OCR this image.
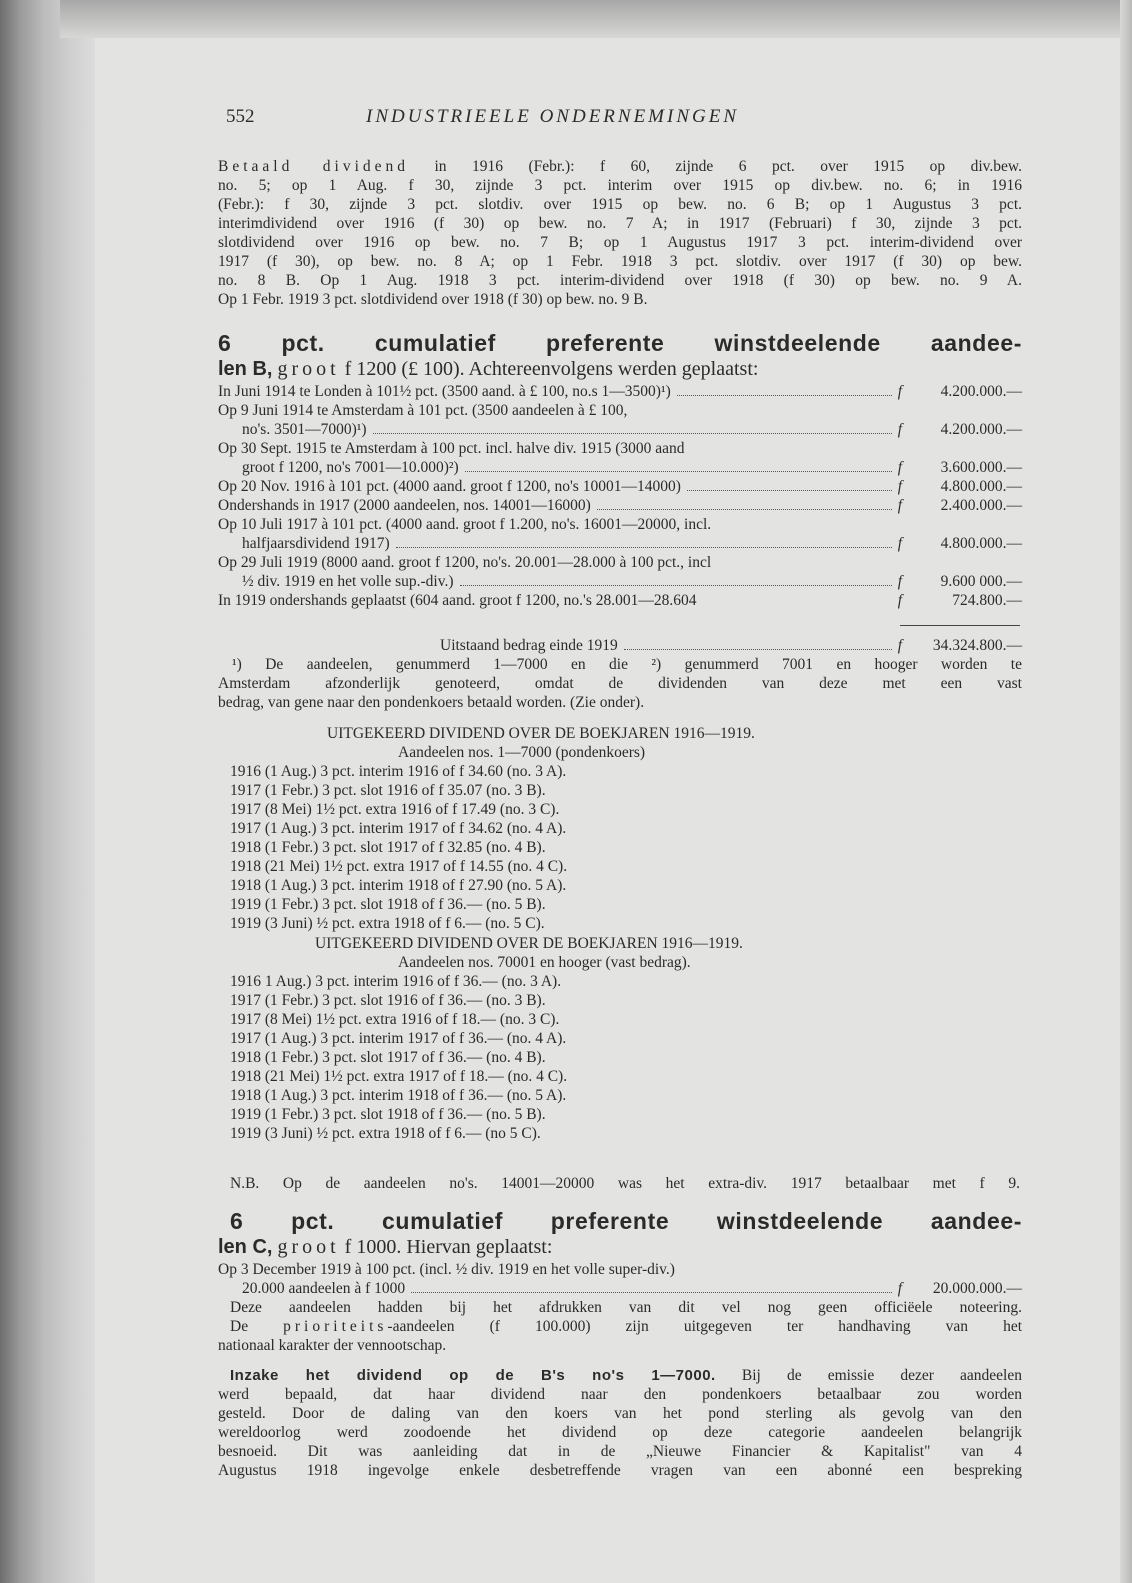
552	INDUSTRIEELE ONDERNEMINGEN
Betaald dividend in 1916 (Febr.): f 60, zijnde 6 pct. over 1915 op div.bew.
no. 5; op 1 Aug. f 30, zijnde 3 pct. interim over 1915 op div.bew. no. 6; in 1916
(Febr.): f 30, zijnde 3 pct. slotdiv. over 1915 op bew. no. 6 B; op 1 Augustus 3 pct.
interimdividend over 1916 (f 30) op bew. no. 7 A; in 1917 (Februari) f 30, zijnde 3 pct.
slotdividend over 1916 op bew. no. 7 B; op 1 Augustus 1917 3 pct. interim-dividend over
1917 (f 30), op bew. no. 8 A; op 1 Febr. 1918 3 pct. slotdiv. over 1917 (f 30) op bew.
no. 8 B. Op 1 Aug. 1918 3 pct. interim-dividend over 1918 (f 30) op bew. no. 9 A.
Op 1 Febr. 1919 3 pct. slotdividend over 1918 (f 30) op bew. no. 9 B.
6 pct. cumulatief preferente winstdeelende aandee-
len B, groot f 1200 (£ 100). Achtereenvolgens werden geplaatst:
In Juni 1914 te Londen à 101½ pct. (3500 aand. à £ 100, no.s 1—3500)¹)	f	4.200.000.—
Op 9 Juni 1914 te Amsterdam à 101 pct. (3500 aandeelen à £ 100,
no's. 3501—7000)¹)	f	4.200.000.—
Op 30 Sept. 1915 te Amsterdam à 100 pct. incl. halve div. 1915 (3000 aand
groot f 1200, no's 7001—10.000)²)	f	3.600.000.—
Op 20 Nov. 1916 à 101 pct. (4000 aand. groot f 1200, no's 10001—14000)	f	4.800.000.—
Ondershands in 1917 (2000 aandeelen, nos. 14001—16000)	f	2.400.000.—
Op 10 Juli 1917 à 101 pct. (4000 aand. groot f 1.200, no's. 16001—20000, incl.
halfjaarsdividend 1917)	f	4.800.000.—
Op 29 Juli 1919 (8000 aand. groot f 1200, no's. 20.001—28.000 à 100 pct., incl
½ div. 1919 en het volle sup.-div.)	f	9.600 000.—
In 1919 ondershands geplaatst (604 aand. groot f 1200, no.'s 28.001—28.604	f	724.800.—
Uitstaand bedrag einde 1919	f	34.324.800.—
¹) De aandeelen, genummerd 1—7000 en die ²) genummerd 7001 en hooger worden te
Amsterdam afzonderlijk genoteerd, omdat de dividenden van deze met een vast
bedrag, van gene naar den pondenkoers betaald worden. (Zie onder).
UITGEKEERD DIVIDEND OVER DE BOEKJAREN 1916—1919.
Aandeelen nos. 1—7000 (pondenkoers)
1916 (1 Aug.) 3 pct. interim 1916 of f 34.60 (no. 3 A).
1917 (1 Febr.) 3 pct. slot 1916 of f 35.07 (no. 3 B).
1917 (8 Mei) 1½ pct. extra 1916 of f 17.49 (no. 3 C).
1917 (1 Aug.) 3 pct. interim 1917 of f 34.62 (no. 4 A).
1918 (1 Febr.) 3 pct. slot 1917 of f 32.85 (no. 4 B).
1918 (21 Mei) 1½ pct. extra 1917 of f 14.55 (no. 4 C).
1918 (1 Aug.) 3 pct. interim 1918 of f 27.90 (no. 5 A).
1919 (1 Febr.) 3 pct. slot 1918 of f 36.— (no. 5 B).
1919 (3 Juni) ½ pct. extra 1918 of f 6.— (no. 5 C).
UITGEKEERD DIVIDEND OVER DE BOEKJAREN 1916—1919.
Aandeelen nos. 70001 en hooger (vast bedrag).
1916 1 Aug.) 3 pct. interim 1916 of f 36.— (no. 3 A).
1917 (1 Febr.) 3 pct. slot 1916 of f 36.— (no. 3 B).
1917 (8 Mei) 1½ pct. extra 1916 of f 18.— (no. 3 C).
1917 (1 Aug.) 3 pct. interim 1917 of f 36.— (no. 4 A).
1918 (1 Febr.) 3 pct. slot 1917 of f 36.— (no. 4 B).
1918 (21 Mei) 1½ pct. extra 1917 of f 18.— (no. 4 C).
1918 (1 Aug.) 3 pct. interim 1918 of f 36.— (no. 5 A).
1919 (1 Febr.) 3 pct. slot 1918 of f 36.— (no. 5 B).
1919 (3 Juni) ½ pct. extra 1918 of f 6.— (no 5 C).
N.B. Op de aandeelen no's. 14001—20000 was het extra-div. 1917 betaalbaar met f 9.
6 pct. cumulatief preferente winstdeelende aandee-
len C, groot f 1000. Hiervan geplaatst:
Op 3 December 1919 à 100 pct. (incl. ½ div. 1919 en het volle super-div.)
20.000 aandeelen à f 1000	f	20.000.000.—
Deze aandeelen hadden bij het afdrukken van dit vel nog geen officiëele noteering.
De prioriteits-aandeelen (f 100.000) zijn uitgegeven ter handhaving van het
nationaal karakter der vennootschap.
Inzake het dividend op de B's no's 1—7000. Bij de emissie dezer aandeelen
werd bepaald, dat haar dividend naar den pondenkoers betaalbaar zou worden
gesteld. Door de daling van den koers van het pond sterling als gevolg van den
wereldoorlog werd zoodoende het dividend op deze categorie aandeelen belangrijk
besnoeid. Dit was aanleiding dat in de „Nieuwe Financier & Kapitalist" van 4
Augustus 1918 ingevolge enkele desbetreffende vragen van een abonné een bespreking
